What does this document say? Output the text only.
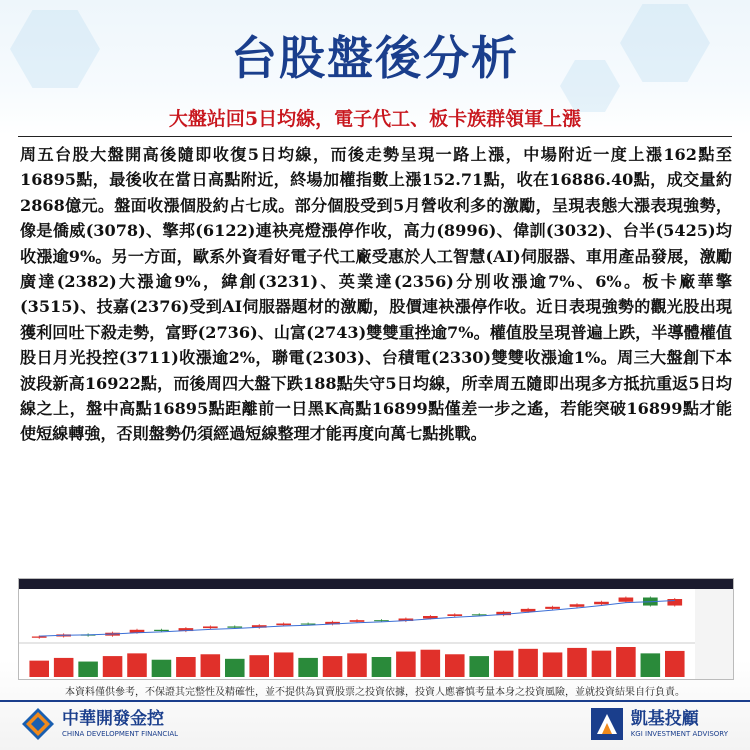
台股盤後分析
大盤站回5日均線，電子代工、板卡族群領軍上漲

周五台股大盤開高後隨即收復5日均線，而後走勢呈現一路上漲，中場附近一度上漲162點至16895點，最後收在當日高點附近，終場加權指數上漲152.71點，收在16886.40點，成交量約2868億元。盤面收漲個股約占七成。部分個股受到5月營收利多的激勵，呈現表態大漲表現強勢，像是僑威(3078)、擎邦(6122)連袂亮燈漲停作收，高力(8996)、偉訓(3032)、台半(5425)均收漲逾9%。另一方面，歐系外資看好電子代工廠受惠於人工智慧(AI)伺服器、車用產品發展，激勵廣達(2382)大漲逾9%，緯創(3231)、英業達(2356)分別收漲逾7%、6%。板卡廠華擎(3515)、技嘉(2376)受到AI伺服器題材的激勵，股價連袂漲停作收。近日表現強勢的觀光股出現獲利回吐下殺走勢，富野(2736)、山富(2743)雙雙重挫逾7%。權值股呈現普遍上跌，半導體權值股日月光投控(3711)收漲逾2%，聯電(2303)、台積電(2330)雙雙收漲逾1%。周三大盤創下本波段新高16922點，而後周四大盤下跌188點失守5日均線，所幸周五隨即出現多方抵抗重返5日均線之上，盤中高點16895點距離前一日黑K高點16899點僅差一步之遙，若能突破16899點才能使短線轉強，否則盤勢仍須經過短線整理才能再度向萬七點挑戰。

本資料僅供參考，不保證其完整性及精確性，並不提供為買賣股票之投資依據，投資人應審慎考量本身之投資風險，並就投資結果自行負責。
中華開發金控
CHINA DEVELOPMENT FINANCIAL
凱基投顧
KGI INVESTMENT ADVISORY
